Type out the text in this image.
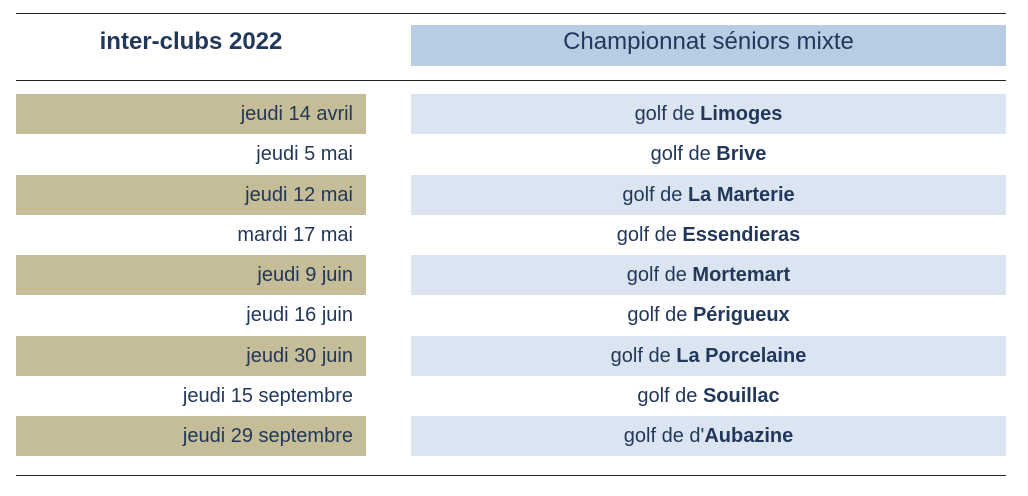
inter-clubs 2022	Championnat séniors mixte
jeudi 14 avril	golf de Limoges
jeudi 5 mai	golf de Brive
jeudi 12 mai	golf de La Marterie
mardi 17 mai	golf de Essendieras
jeudi 9 juin	golf de Mortemart
jeudi 16 juin	golf de Périgueux
jeudi 30 juin	golf de La Porcelaine
jeudi 15 septembre	golf de Souillac
jeudi 29 septembre	golf de d'Aubazine
